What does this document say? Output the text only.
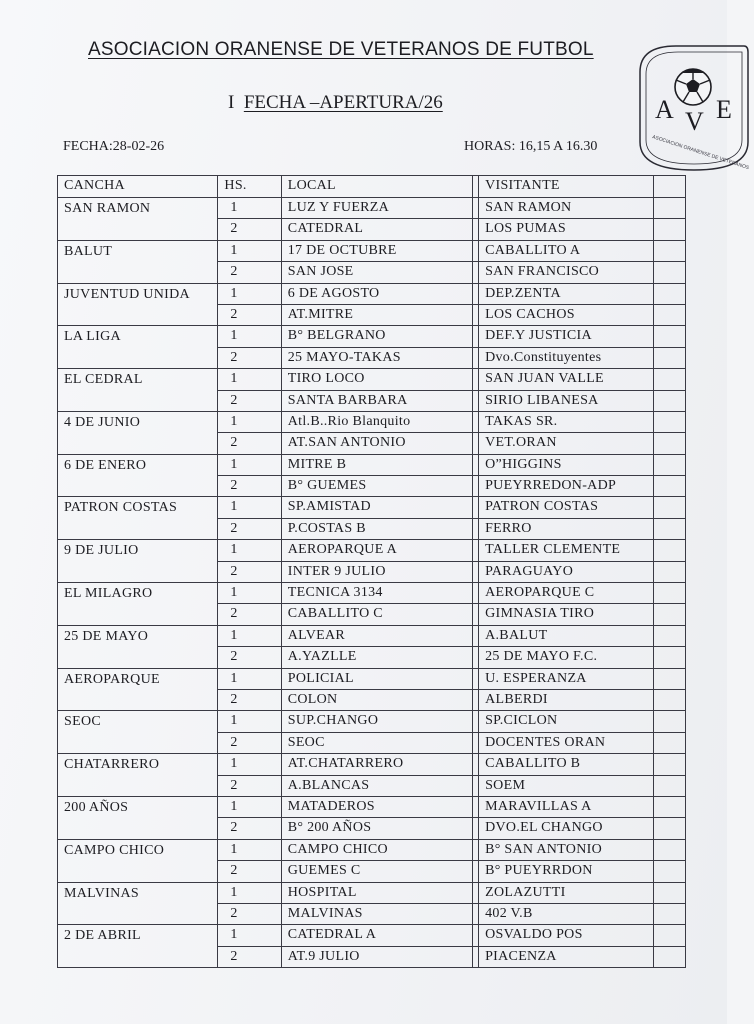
ASOCIACION ORANENSE DE VETERANOS DE FUTBOL
I  FECHA –APERTURA/26
FECHA:28-02-26	HORAS: 16,15 A 16.30
A V E
ASOCIACION ORANENSE DE VETERANOS
CANCHA	HS.	LOCAL		VISITANTE	
SAN RAMON	1	LUZ Y FUERZA		SAN RAMON	
	2	CATEDRAL		LOS PUMAS	
BALUT	1	17 DE OCTUBRE		CABALLITO A	
	2	SAN JOSE		SAN FRANCISCO	
JUVENTUD UNIDA	1	6 DE AGOSTO		DEP.ZENTA	
	2	AT.MITRE		LOS CACHOS	
LA LIGA	1	B° BELGRANO		DEF.Y JUSTICIA	
	2	25 MAYO-TAKAS		Dvo.Constituyentes	
EL CEDRAL	1	TIRO LOCO		SAN JUAN VALLE	
	2	SANTA BARBARA		SIRIO LIBANESA	
4 DE JUNIO	1	Atl.B..Rio Blanquito		TAKAS SR.	
	2	AT.SAN ANTONIO		VET.ORAN	
6 DE ENERO	1	MITRE B		O”HIGGINS	
	2	B° GUEMES		PUEYRREDON-ADP	
PATRON COSTAS	1	SP.AMISTAD		PATRON COSTAS	
	2	P.COSTAS B		FERRO	
9 DE JULIO	1	AEROPARQUE A		TALLER CLEMENTE	
	2	INTER 9 JULIO		PARAGUAYO	
EL MILAGRO	1	TECNICA 3134		AEROPARQUE C	
	2	CABALLITO C		GIMNASIA TIRO	
25 DE MAYO	1	ALVEAR		A.BALUT	
	2	A.YAZLLE		25 DE MAYO F.C.	
AEROPARQUE	1	POLICIAL		U. ESPERANZA	
	2	COLON		ALBERDI	
SEOC	1	SUP.CHANGO		SP.CICLON	
	2	SEOC		DOCENTES ORAN	
CHATARRERO	1	AT.CHATARRERO		CABALLITO B	
	2	A.BLANCAS		SOEM	
200 AÑOS	1	MATADEROS		MARAVILLAS A	
	2	B° 200 AÑOS		DVO.EL CHANGO	
CAMPO CHICO	1	CAMPO CHICO		B° SAN ANTONIO	
	2	GUEMES C		B° PUEYRRDON	
MALVINAS	1	HOSPITAL		ZOLAZUTTI	
	2	MALVINAS		402 V.B	
2 DE ABRIL	1	CATEDRAL A		OSVALDO POS	
	2	AT.9 JULIO		PIACENZA	
